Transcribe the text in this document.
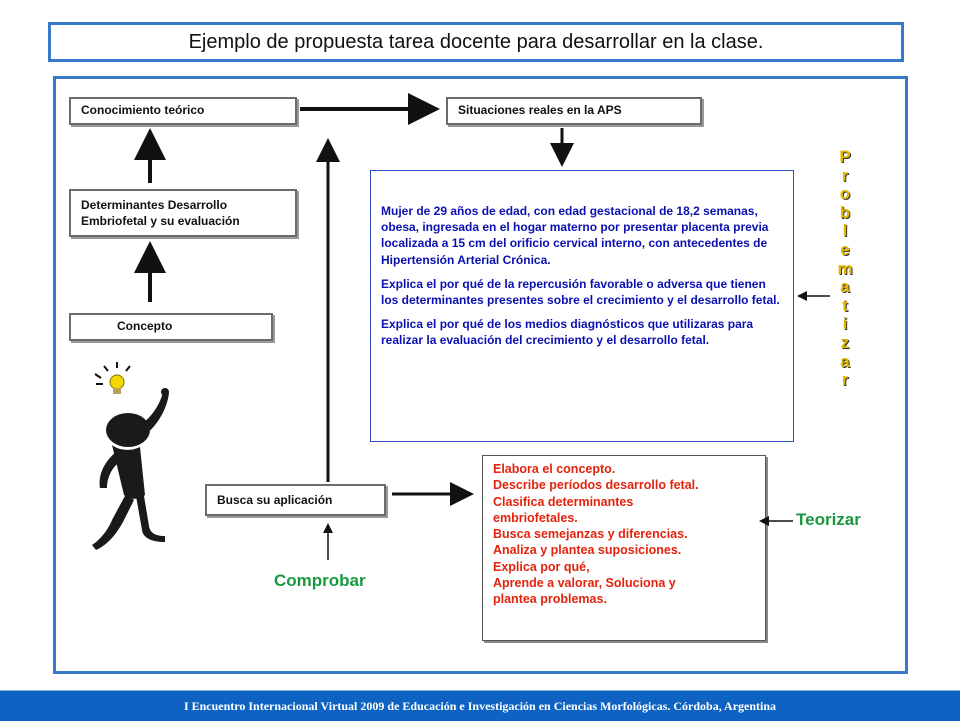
Ejemplo de propuesta tarea docente para desarrollar en la clase.
Conocimiento teórico	Situaciones reales en la APS
Determinantes Desarrollo
Embriofetal y su evaluación
Concepto
Busca su aplicación

Mujer de 29 años de edad, con edad gestacional de 18,2 semanas, obesa, ingresada en el hogar materno por presentar placenta previa localizada a 15 cm del orificio cervical interno, con antecedentes de Hipertensión Arterial Crónica.

Explica el por qué de la repercusión favorable o adversa que tienen los determinantes presentes sobre el crecimiento y el desarrollo fetal.

Explica el por qué de los medios diagnósticos que utilizaras para realizar la evaluación del crecimiento y el desarrollo fetal.

Elabora el concepto.
Describe períodos desarrollo fetal.
Clasifica determinantes
embriofetales.
Busca semejanzas y diferencias.
Analiza y plantea suposiciones.
Explica por qué,
Aprende a valorar, Soluciona y
plantea problemas.
P
r
o
b
l
e
m
a
t
i
z
a
r
Teorizar
Comprobar
I Encuentro Internacional Virtual 2009 de Educación e Investigación en Ciencias Morfológicas. Córdoba, Argentina
